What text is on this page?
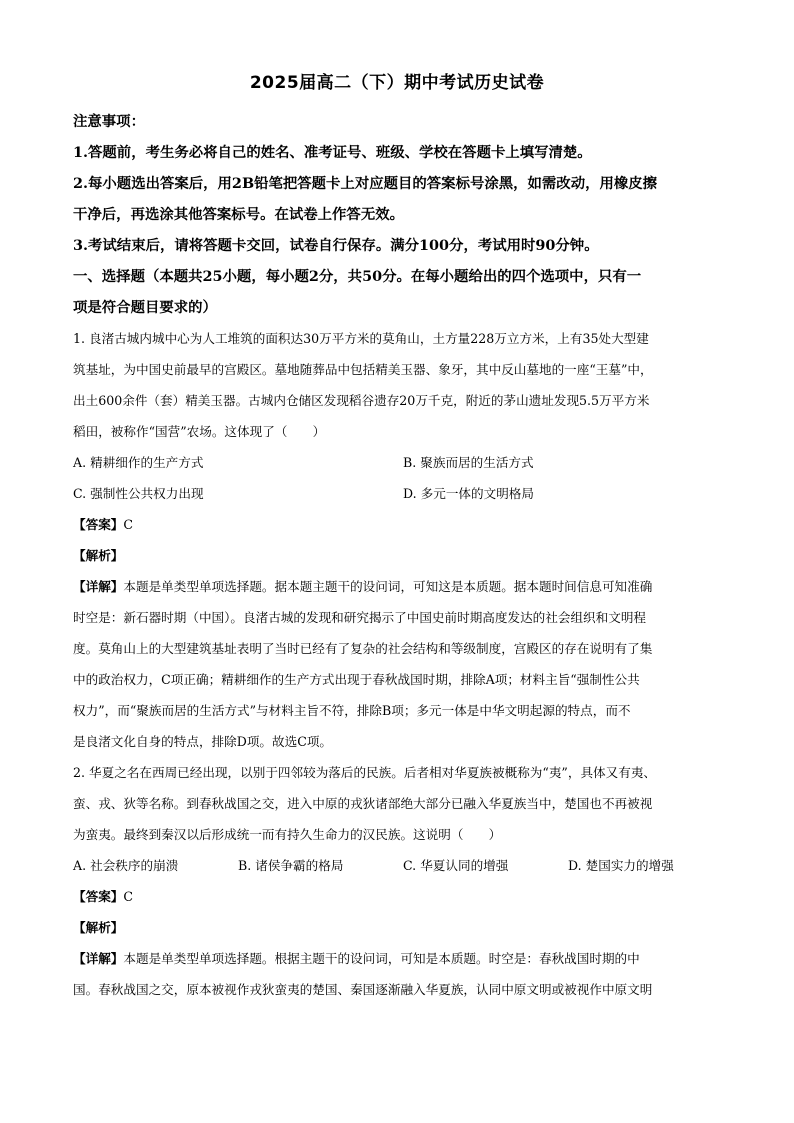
2025届高二（下）期中考试历史试卷

注意事项：

1.答题前，考生务必将自己的姓名、准考证号、班级、学校在答题卡上填写清楚。

2.每小题选出答案后，用2B铅笔把答题卡上对应题目的答案标号涂黑，如需改动，用橡皮擦

干净后，再选涂其他答案标号。在试卷上作答无效。

3.考试结束后，请将答题卡交回，试卷自行保存。满分100分，考试用时90分钟。

一、选择题（本题共25小题，每小题2分，共50分。在每小题给出的四个选项中，只有一

项是符合题目要求的）

1. 良渚古城内城中心为人工堆筑的面积达30万平方米的莫角山，土方量228万立方米，上有35处大型建

筑基址，为中国史前最早的宫殿区。墓地随葬品中包括精美玉器、象牙，其中反山墓地的一座“王墓”中，

出土600余件（套）精美玉器。古城内仓储区发现稻谷遗存20万千克，附近的茅山遗址发现5.5万平方米

稻田，被称作“国营”农场。这体现了（　　）

A. 精耕细作的生产方式	B. 聚族而居的生活方式
C. 强制性公共权力出现	D. 多元一体的文明格局

【答案】C

【解析】

【详解】本题是单类型单项选择题。据本题主题干的设问词，可知这是本质题。据本题时间信息可知准确

时空是：新石器时期（中国）。良渚古城的发现和研究揭示了中国史前时期高度发达的社会组织和文明程

度。莫角山上的大型建筑基址表明了当时已经有了复杂的社会结构和等级制度，宫殿区的存在说明有了集

中的政治权力，C项正确；精耕细作的生产方式出现于春秋战国时期，排除A项；材料主旨“强制性公共

权力”，而“聚族而居的生活方式”与材料主旨不符，排除B项；多元一体是中华文明起源的特点，而不

是良渚文化自身的特点，排除D项。故选C项。

2. 华夏之名在西周已经出现，以别于四邻较为落后的民族。后者相对华夏族被概称为“夷”，具体又有夷、

蛮、戎、狄等名称。到春秋战国之交，进入中原的戎狄诸部绝大部分已融入华夏族当中，楚国也不再被视

为蛮夷。最终到秦汉以后形成统一而有持久生命力的汉民族。这说明（　　）

A. 社会秩序的崩溃	B. 诸侯争霸的格局	C. 华夏认同的增强	D. 楚国实力的增强

【答案】C

【解析】

【详解】本题是单类型单项选择题。根据主题干的设问词，可知是本质题。时空是：春秋战国时期的中

国。春秋战国之交，原本被视作戎狄蛮夷的楚国、秦国逐渐融入华夏族，认同中原文明或被视作中原文明
